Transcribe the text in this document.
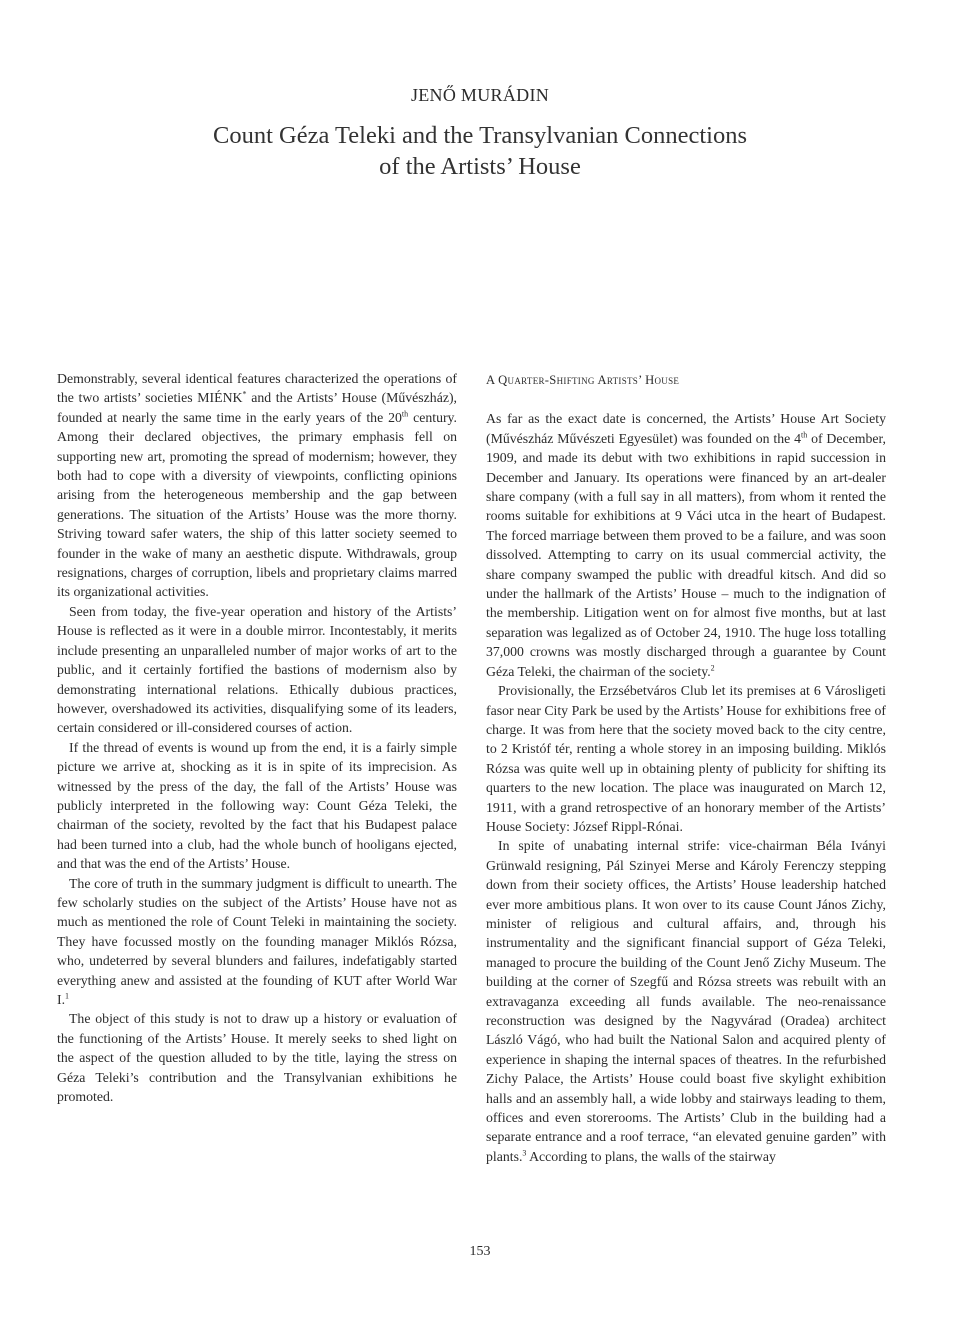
JENŐ MURÁDIN
Count Géza Teleki and the Transylvanian Connections
of the Artists’ House

Demonstrably, several identical features characterized the operations of the two artists’ societies MIÉNK* and the Artists’ House (Művészház), founded at nearly the same time in the early years of the 20th century. Among their declared objectives, the primary emphasis fell on supporting new art, promoting the spread of modernism; however, they both had to cope with a diversity of viewpoints, conflicting opinions arising from the heterogeneous membership and the gap between generations. The situation of the Artists’ House was the more thorny. Striving toward safer waters, the ship of this latter society seemed to founder in the wake of many an aesthetic dispute. Withdrawals, group resignations, charges of corruption, libels and proprietary claims marred its organizational activities.

Seen from today, the five-year operation and history of the Artists’ House is reflected as it were in a double mirror. Incontestably, it merits include presenting an unparalleled number of major works of art to the public, and it certainly fortified the bastions of modernism also by demonstrating international relations. Ethically dubious practices, however, overshadowed its activities, disqualifying some of its leaders, certain considered or ill-considered courses of action.

If the thread of events is wound up from the end, it is a fairly simple picture we arrive at, shocking as it is in spite of its imprecision. As witnessed by the press of the day, the fall of the Artists’ House was publicly interpreted in the following way: Count Géza Teleki, the chairman of the society, revolted by the fact that his Budapest palace had been turned into a club, had the whole bunch of hooligans ejected, and that was the end of the Artists’ House.

The core of truth in the summary judgment is difficult to unearth. The few scholarly studies on the subject of the Artists’ House have not as much as mentioned the role of Count Teleki in maintaining the society. They have focussed mostly on the founding manager Miklós Rózsa, who, undeterred by several blunders and failures, indefatigably started everything anew and assisted at the founding of KUT after World War I.$^1$

The object of this study is not to draw up a history or evaluation of the functioning of the Artists’ House. It merely seeks to shed light on the aspect of the question alluded to by the title, laying the stress on Géza Teleki’s contribution and the Transylvanian exhibitions he promoted.

A Quarter-Shifting Artists’ House

As far as the exact date is concerned, the Artists’ House Art Society (Művészház Művészeti Egyesület) was founded on the 4th of December, 1909, and made its debut with two exhibitions in rapid succession in December and January. Its operations were financed by an art-dealer share company (with a full say in all matters), from whom it rented the rooms suitable for exhibitions at 9 Váci utca in the heart of Budapest. The forced marriage between them proved to be a failure, and was soon dissolved. Attempting to carry on its usual commercial activity, the share company swamped the public with dreadful kitsch. And did so under the hallmark of the Artists’ House – much to the indignation of the membership. Litigation went on for almost five months, but at last separation was legalized as of October 24, 1910. The huge loss totalling 37,000 crowns was mostly discharged through a guarantee by Count Géza Teleki, the chairman of the society.$^2$

Provisionally, the Erzsébetváros Club let its premises at 6 Városligeti fasor near City Park be used by the Artists’ House for exhibitions free of charge. It was from here that the society moved back to the city centre, to 2 Kristóf tér, renting a whole storey in an imposing building. Miklós Rózsa was quite well up in obtaining plenty of publicity for shifting its quarters to the new location. The place was inaugurated on March 12, 1911, with a grand retrospective of an honorary member of the Artists’ House Society: József Rippl-Rónai.

In spite of unabating internal strife: vice-chairman Béla Iványi Grünwald resigning, Pál Szinyei Merse and Károly Ferenczy stepping down from their society offices, the Artists’ House leadership hatched ever more ambitious plans. It won over to its cause Count János Zichy, minister of religious and cultural affairs, and, through his instrumentality and the significant financial support of Géza Teleki, managed to procure the building of the Count Jenő Zichy Museum. The building at the corner of Szegfű and Rózsa streets was rebuilt with an extravaganza exceeding all funds available. The neo-renaissance reconstruction was designed by the Nagyvárad (Oradea) architect László Vágó, who had built the National Salon and acquired plenty of experience in shaping the internal spaces of theatres. In the refurbished Zichy Palace, the Artists’ House could boast five skylight exhibition halls and an assembly hall, a wide lobby and stairways leading to them, offices and even storerooms. The Artists’ Club in the building had a separate entrance and a roof terrace, “an elevated genuine garden” with plants.$^3$ According to plans, the walls of the stairway

153
